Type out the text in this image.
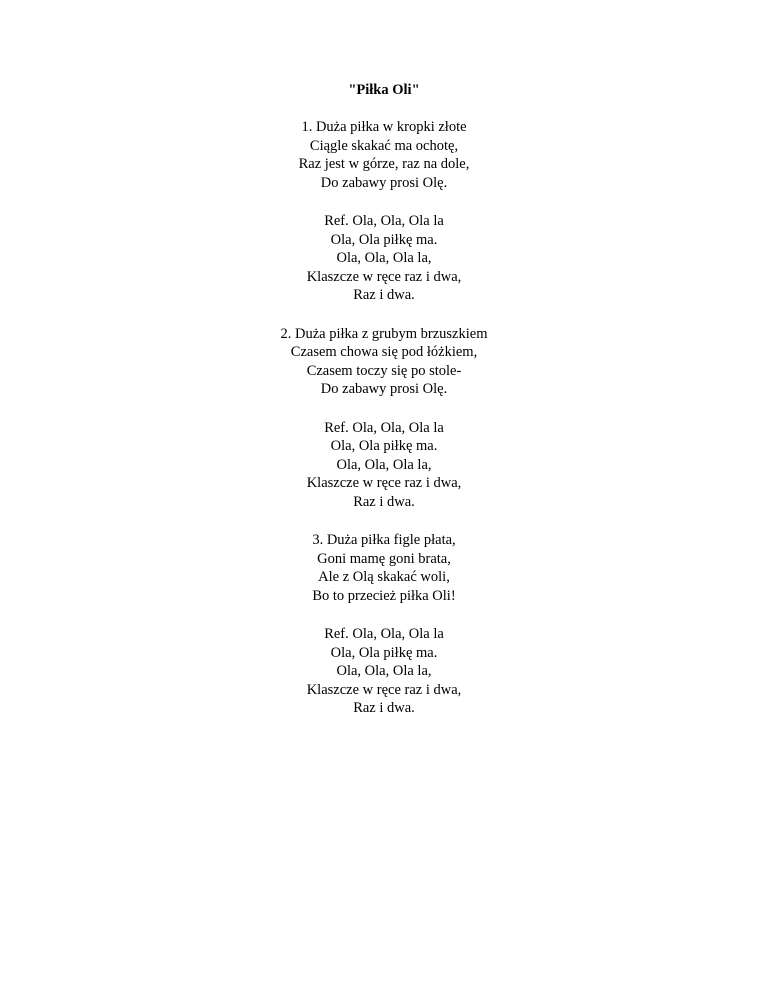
"Piłka Oli"
1. Duża piłka w kropki złote
Ciągle skakać ma ochotę,
Raz jest w górze, raz na dole,
Do zabawy prosi Olę.
Ref. Ola, Ola, Ola la
Ola, Ola piłkę ma.
Ola, Ola, Ola la,
Klaszcze w ręce raz i dwa,
Raz i dwa.
2. Duża piłka z grubym brzuszkiem
Czasem chowa się pod łóżkiem,
Czasem toczy się po stole-
Do zabawy prosi Olę.
Ref. Ola, Ola, Ola la
Ola, Ola piłkę ma.
Ola, Ola, Ola la,
Klaszcze w ręce raz i dwa,
Raz i dwa.
3. Duża piłka figle płata,
Goni mamę goni brata,
Ale z Olą skakać woli,
Bo to przecież piłka Oli!
Ref. Ola, Ola, Ola la
Ola, Ola piłkę ma.
Ola, Ola, Ola la,
Klaszcze w ręce raz i dwa,
Raz i dwa.
